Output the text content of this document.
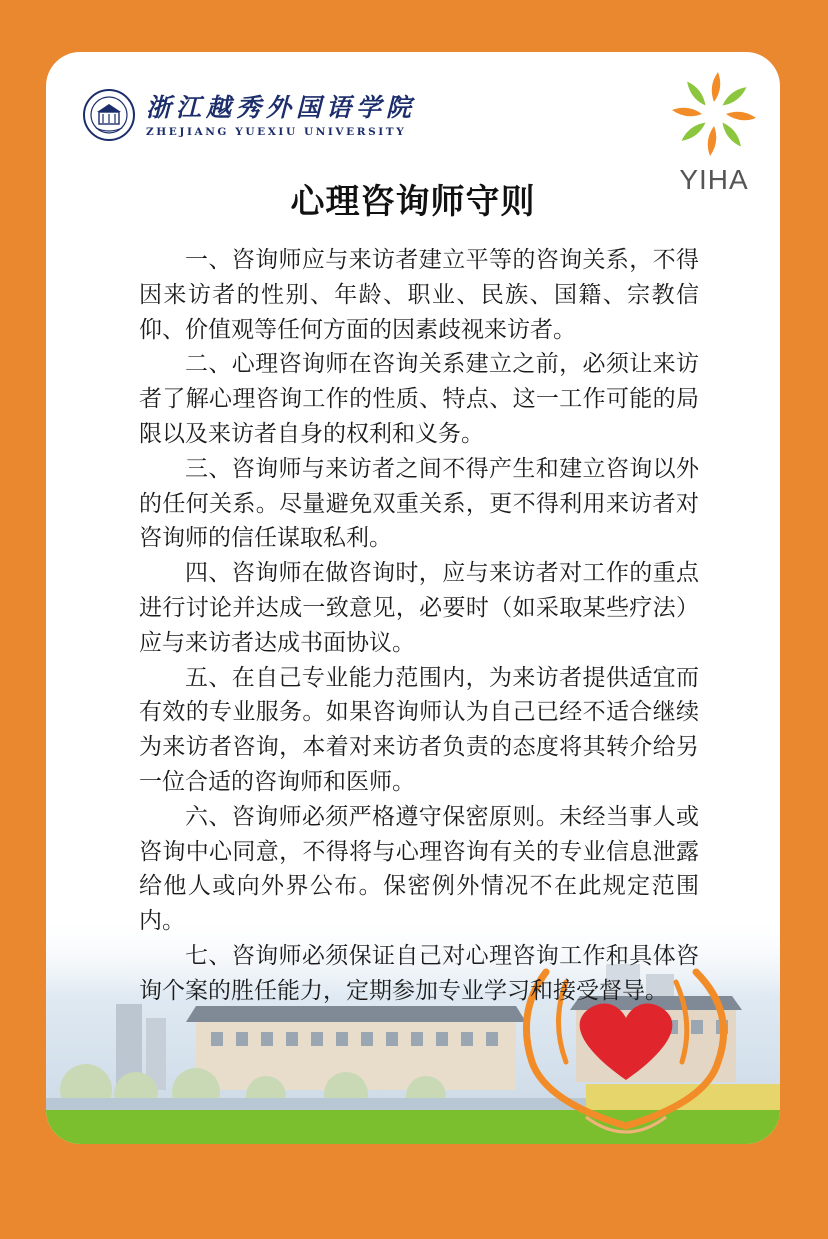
浙江越秀外国语学院
ZHEJIANG YUEXIU UNIVERSITY
YIHA
心理咨询师守则

一、咨询师应与来访者建立平等的咨询关系，不得因来访者的性别、年龄、职业、民族、国籍、宗教信仰、价值观等任何方面的因素歧视来访者。

二、心理咨询师在咨询关系建立之前，必须让来访者了解心理咨询工作的性质、特点、这一工作可能的局限以及来访者自身的权利和义务。

三、咨询师与来访者之间不得产生和建立咨询以外的任何关系。尽量避免双重关系，更不得利用来访者对咨询师的信任谋取私利。

四、咨询师在做咨询时，应与来访者对工作的重点进行讨论并达成一致意见，必要时（如采取某些疗法）应与来访者达成书面协议。

五、在自己专业能力范围内，为来访者提供适宜而有效的专业服务。如果咨询师认为自己已经不适合继续为来访者咨询，本着对来访者负责的态度将其转介给另一位合适的咨询师和医师。

六、咨询师必须严格遵守保密原则。未经当事人或咨询中心同意，不得将与心理咨询有关的专业信息泄露给他人或向外界公布。保密例外情况不在此规定范围内。

七、咨询师必须保证自己对心理咨询工作和具体咨询个案的胜任能力，定期参加专业学习和接受督导。
